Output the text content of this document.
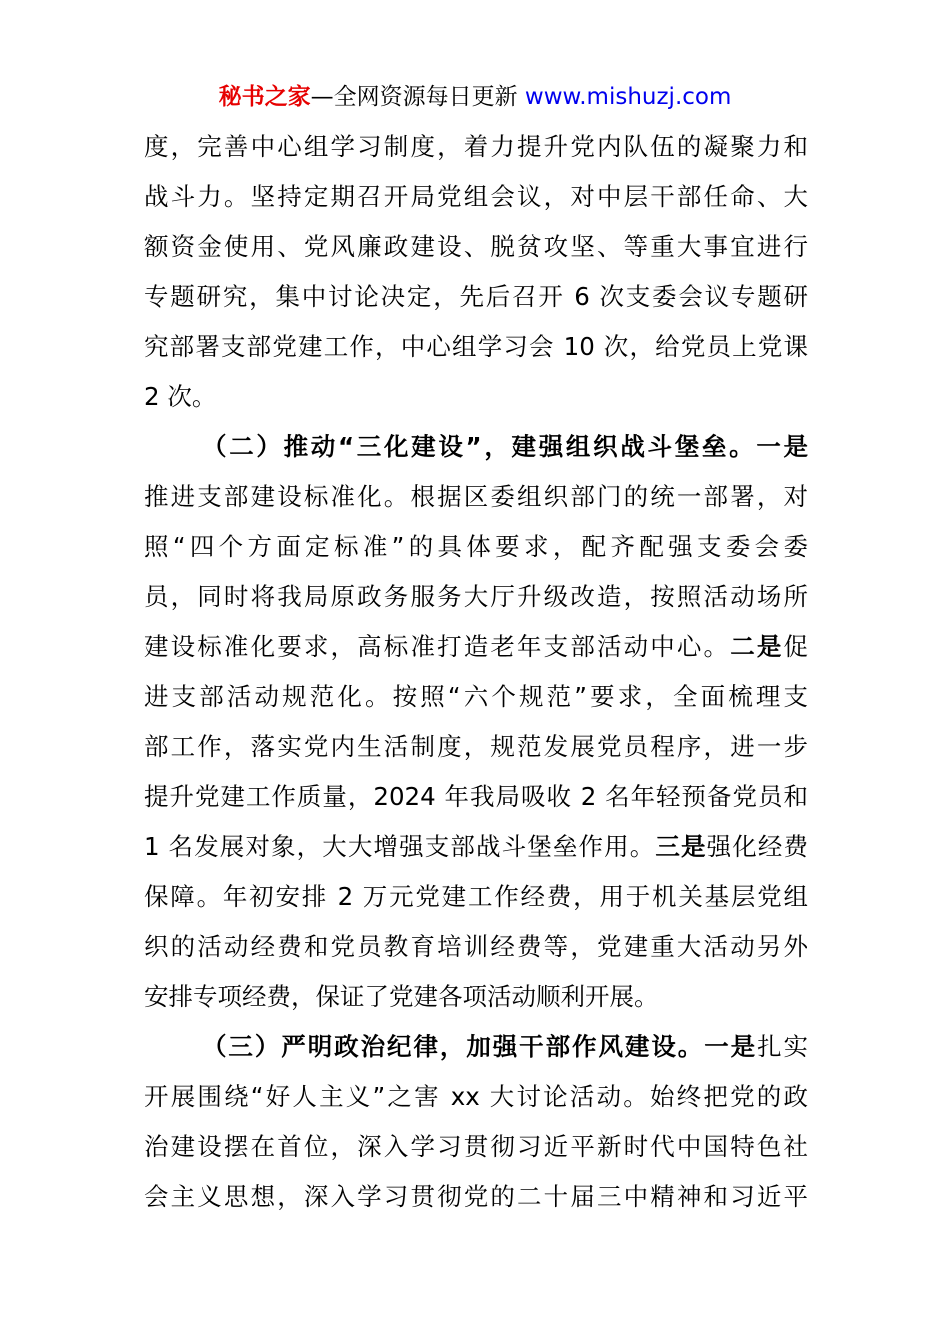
秘书之家—全网资源每日更新 www.mishuzj.com
度，完善中心组学习制度，着力提升党内队伍的凝聚力和
战斗力。坚持定期召开局党组会议，对中层干部任命、大
额资金使用、党风廉政建设、脱贫攻坚、等重大事宜进行
专题研究，集中讨论决定，先后召开 6 次支委会议专题研
究部署支部党建工作，中心组学习会 10 次，给党员上党课
2 次。
（二）推动“三化建设”，建强组织战斗堡垒。一是
推进支部建设标准化。根据区委组织部门的统一部署，对
照“四个方面定标准”的具体要求，配齐配强支委会委
员，同时将我局原政务服务大厅升级改造，按照活动场所
建设标准化要求，高标准打造老年支部活动中心。二是促
进支部活动规范化。按照“六个规范”要求，全面梳理支
部工作，落实党内生活制度，规范发展党员程序，进一步
提升党建工作质量，2024 年我局吸收 2 名年轻预备党员和
1 名发展对象，大大增强支部战斗堡垒作用。三是强化经费
保障。年初安排 2 万元党建工作经费，用于机关基层党组
织的活动经费和党员教育培训经费等，党建重大活动另外
安排专项经费，保证了党建各项活动顺利开展。
（三）严明政治纪律，加强干部作风建设。一是扎实
开展围绕“好人主义”之害 xx 大讨论活动。始终把党的政
治建设摆在首位，深入学习贯彻习近平新时代中国特色社
会主义思想，深入学习贯彻党的二十届三中精神和习近平
